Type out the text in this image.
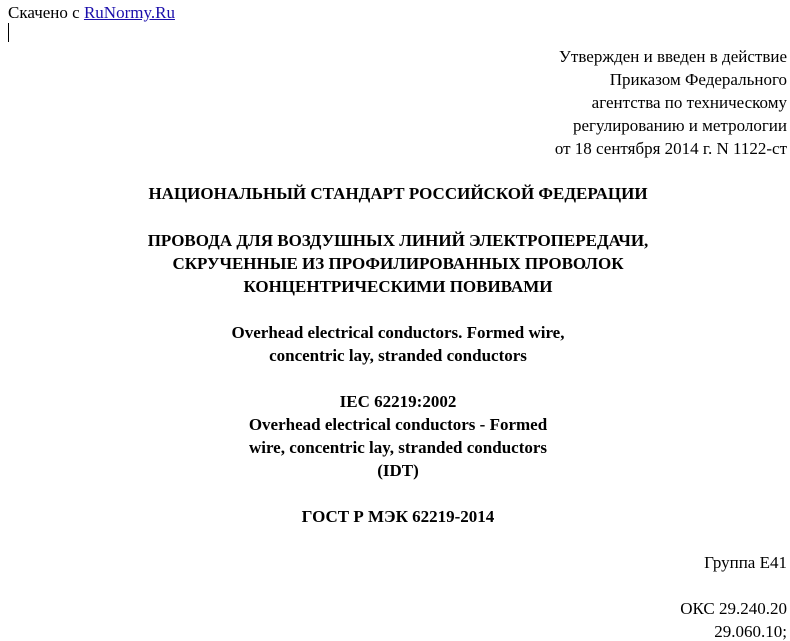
Скачено с RuNormy.Ru
Утвержден и введен в действие
Приказом Федерального
агентства по техническому
регулированию и метрологии
от 18 сентября 2014 г. N 1122-ст
НАЦИОНАЛЬНЫЙ СТАНДАРТ РОССИЙСКОЙ ФЕДЕРАЦИИ
ПРОВОДА ДЛЯ ВОЗДУШНЫХ ЛИНИЙ ЭЛЕКТРОПЕРЕДАЧИ,
СКРУЧЕННЫЕ ИЗ ПРОФИЛИРОВАННЫХ ПРОВОЛОК
КОНЦЕНТРИЧЕСКИМИ ПОВИВАМИ
Overhead electrical conductors. Formed wire,
concentric lay, stranded conductors
IEC 62219:2002
Overhead electrical conductors - Formed
wire, concentric lay, stranded conductors
(IDT)
ГОСТ Р МЭК 62219-2014
Группа Е41
ОКС 29.240.20
29.060.10;
